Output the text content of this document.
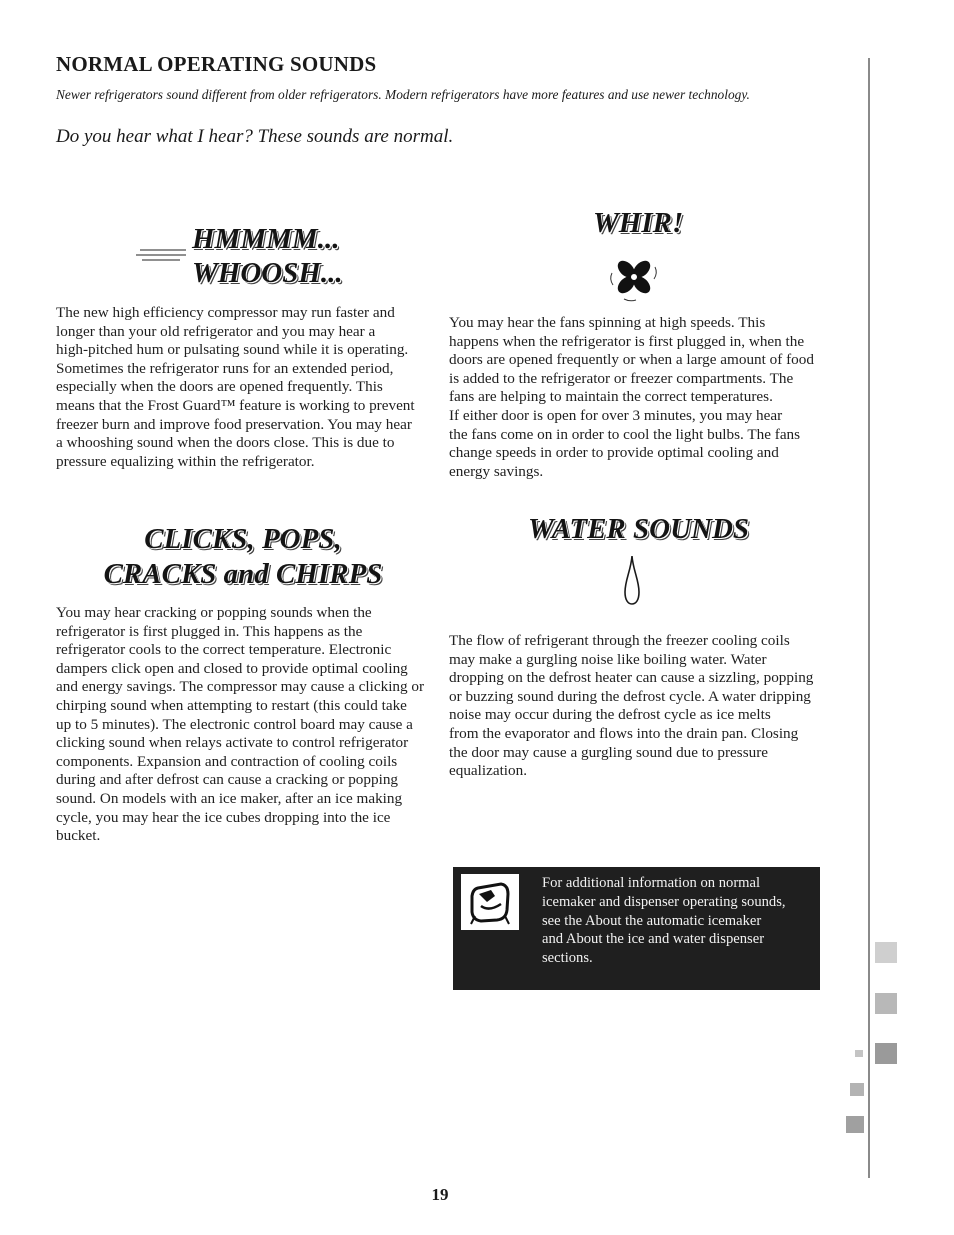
NORMAL OPERATING SOUNDS
Newer refrigerators sound different from older refrigerators. Modern refrigerators have more features and use newer technology.
Do you hear what I hear? These sounds are normal.
HMMMM...
WHOOSH...
The new high efficiency compressor may run faster and
longer than your old refrigerator and you may hear a
high-pitched hum or pulsating sound while it is operating.
Sometimes the refrigerator runs for an extended period,
especially when the doors are opened frequently. This
means that the Frost Guard™ feature is working to prevent
freezer burn and improve food preservation. You may hear
a whooshing sound when the doors close. This is due to
pressure equalizing within the refrigerator.
WHIR!
You may hear the fans spinning at high speeds. This
happens when the refrigerator is first plugged in, when the
doors are opened frequently or when a large amount of food
is added to the refrigerator or freezer compartments. The
fans are helping to maintain the correct temperatures.
If either door is open for over 3 minutes, you may hear
the fans come on in order to cool the light bulbs. The fans
change speeds in order to provide optimal cooling and
energy savings.
CLICKS, POPS,
CRACKS and CHIRPS
You may hear cracking or popping sounds when the
refrigerator is first plugged in. This happens as the
refrigerator cools to the correct temperature. Electronic
dampers click open and closed to provide optimal cooling
and energy savings. The compressor may cause a clicking or
chirping sound when attempting to restart (this could take
up to 5 minutes). The electronic control board may cause a
clicking sound when relays activate to control refrigerator
components. Expansion and contraction of cooling coils
during and after defrost can cause a cracking or popping
sound. On models with an ice maker, after an ice making
cycle, you may hear the ice cubes dropping into the ice
bucket.
WATER SOUNDS
The flow of refrigerant through the freezer cooling coils
may make a gurgling noise like boiling water. Water
dropping on the defrost heater can cause a sizzling, popping
or buzzing sound during the defrost cycle. A water dripping
noise may occur during the defrost cycle as ice melts
from the evaporator and flows into the drain pan. Closing
the door may cause a gurgling sound due to pressure
equalization.
For additional information on normal
icemaker and dispenser operating sounds,
see the About the automatic icemaker
and About the ice and water dispenser
sections.
19
